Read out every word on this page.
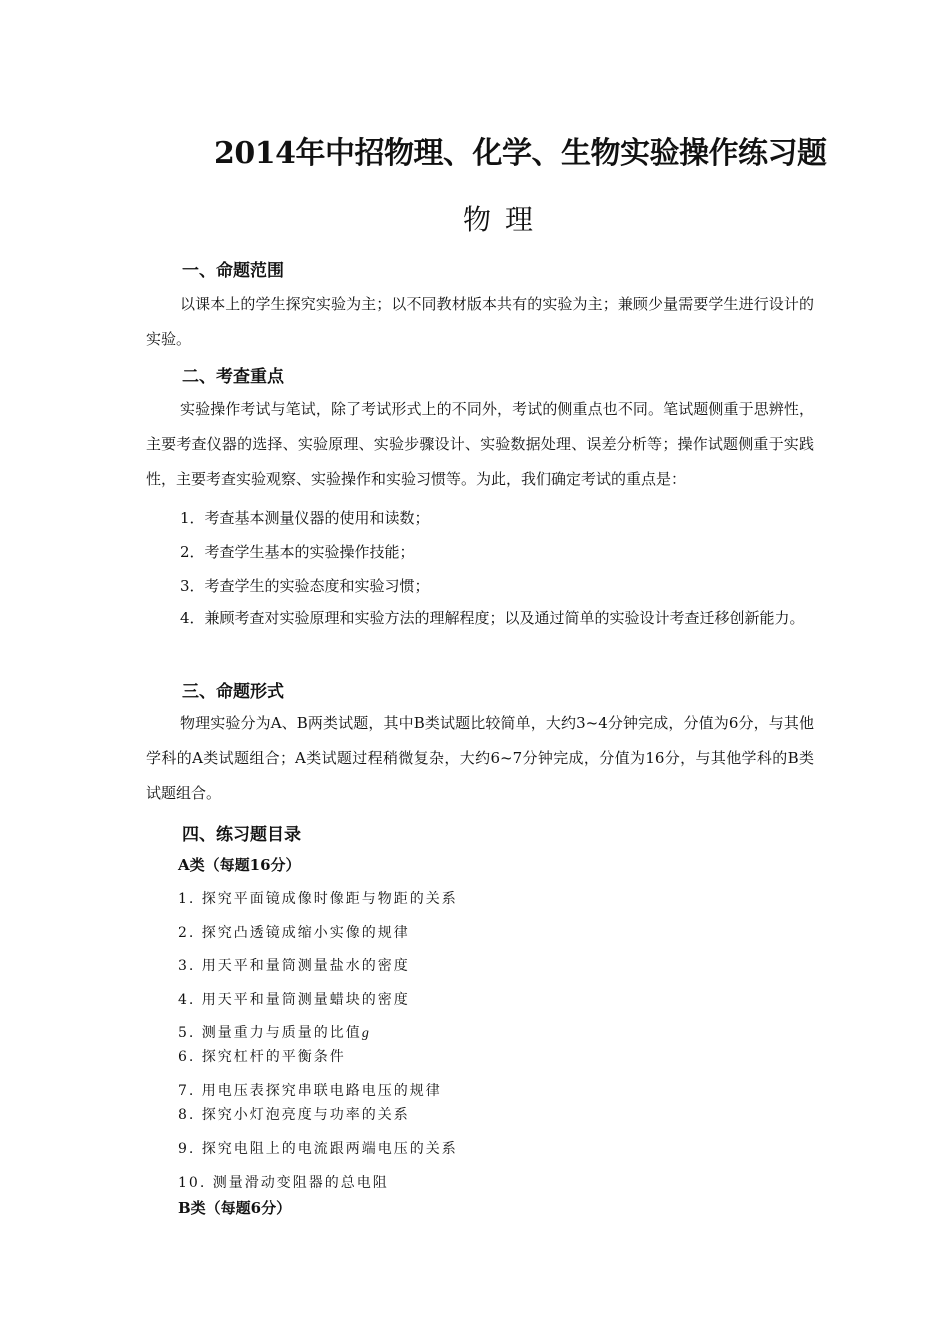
2014年中招物理、化学、生物实验操作练习题
物理
一、命题范围
以课本上的学生探究实验为主；以不同教材版本共有的实验为主；兼顾少量需要学生进行设计的实验。
二、考查重点
实验操作考试与笔试，除了考试形式上的不同外，考试的侧重点也不同。笔试题侧重于思辨性，主要考查仪器的选择、实验原理、实验步骤设计、实验数据处理、误差分析等；操作试题侧重于实践性，主要考查实验观察、实验操作和实验习惯等。为此，我们确定考试的重点是：
1．考查基本测量仪器的使用和读数；
2．考查学生基本的实验操作技能；
3．考查学生的实验态度和实验习惯；
4．兼顾考查对实验原理和实验方法的理解程度；以及通过简单的实验设计考查迁移创新能力。
三、命题形式
物理实验分为A、B两类试题，其中B类试题比较简单，大约3~4分钟完成，分值为6分，与其他学科的A类试题组合；A类试题过程稍微复杂，大约6~7分钟完成，分值为16分，与其他学科的B类试题组合。
四、练习题目录
A类（每题16分）
1. 探究平面镜成像时像距与物距的关系
2. 探究凸透镜成缩小实像的规律
3. 用天平和量筒测量盐水的密度
4. 用天平和量筒测量蜡块的密度
5. 测量重力与质量的比值g
6. 探究杠杆的平衡条件
7. 用电压表探究串联电路电压的规律
8. 探究小灯泡亮度与功率的关系
9. 探究电阻上的电流跟两端电压的关系
10. 测量滑动变阻器的总电阻
B类（每题6分）
